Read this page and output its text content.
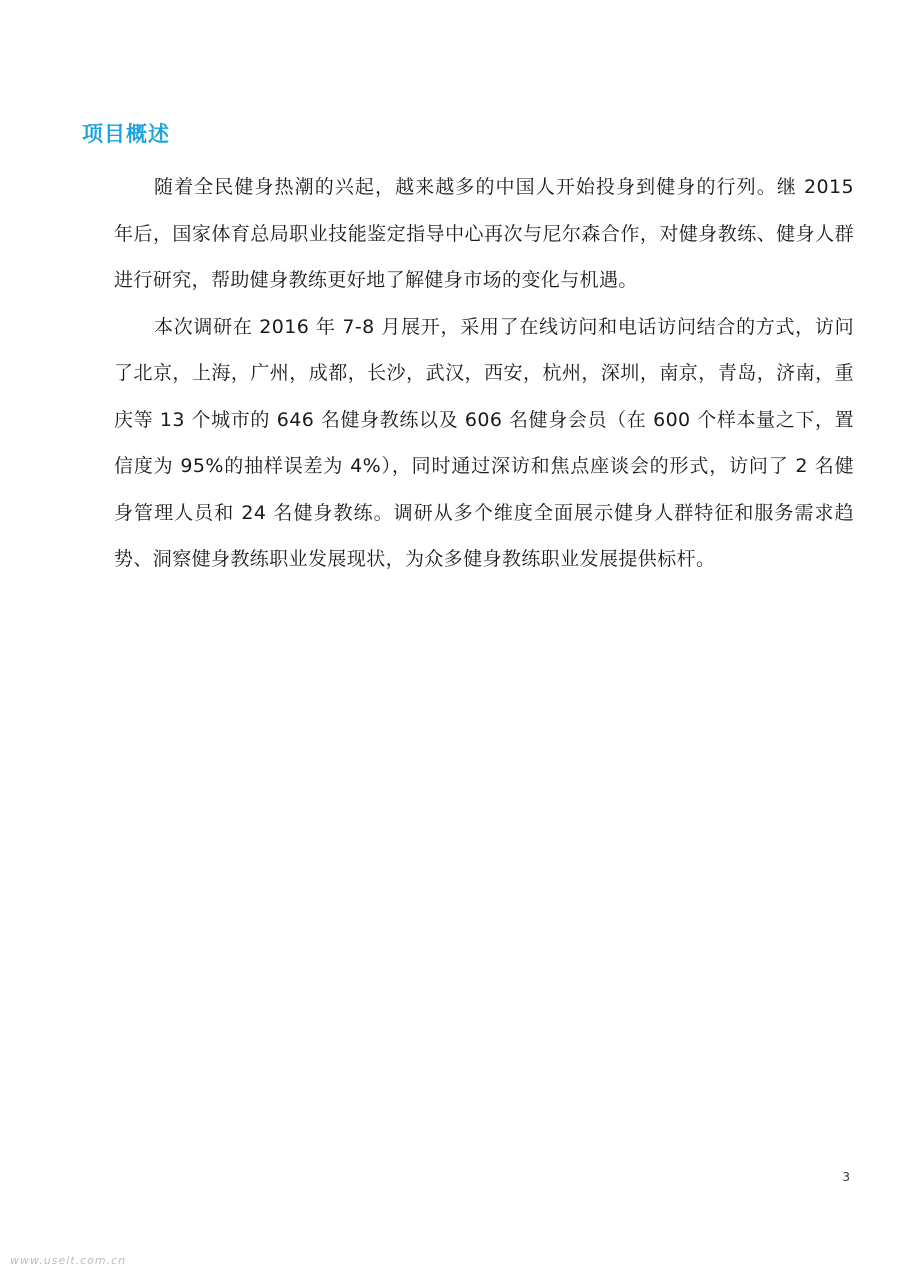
项目概述

随着全民健身热潮的兴起，越来越多的中国人开始投身到健身的行列。继 2015 年后，国家体育总局职业技能鉴定指导中心再次与尼尔森合作，对健身教练、健身人群进行研究，帮助健身教练更好地了解健身市场的变化与机遇。

本次调研在 2016 年 7-8 月展开，采用了在线访问和电话访问结合的方式，访问了北京，上海，广州，成都，长沙，武汉，西安，杭州，深圳，南京，青岛，济南，重庆等 13 个城市的 646 名健身教练以及 606 名健身会员（在 600 个样本量之下，置信度为 95%的抽样误差为 4%），同时通过深访和焦点座谈会的形式，访问了 2 名健身管理人员和 24 名健身教练。调研从多个维度全面展示健身人群特征和服务需求趋势、洞察健身教练职业发展现状，为众多健身教练职业发展提供标杆。

3
www.useit.com.cn
